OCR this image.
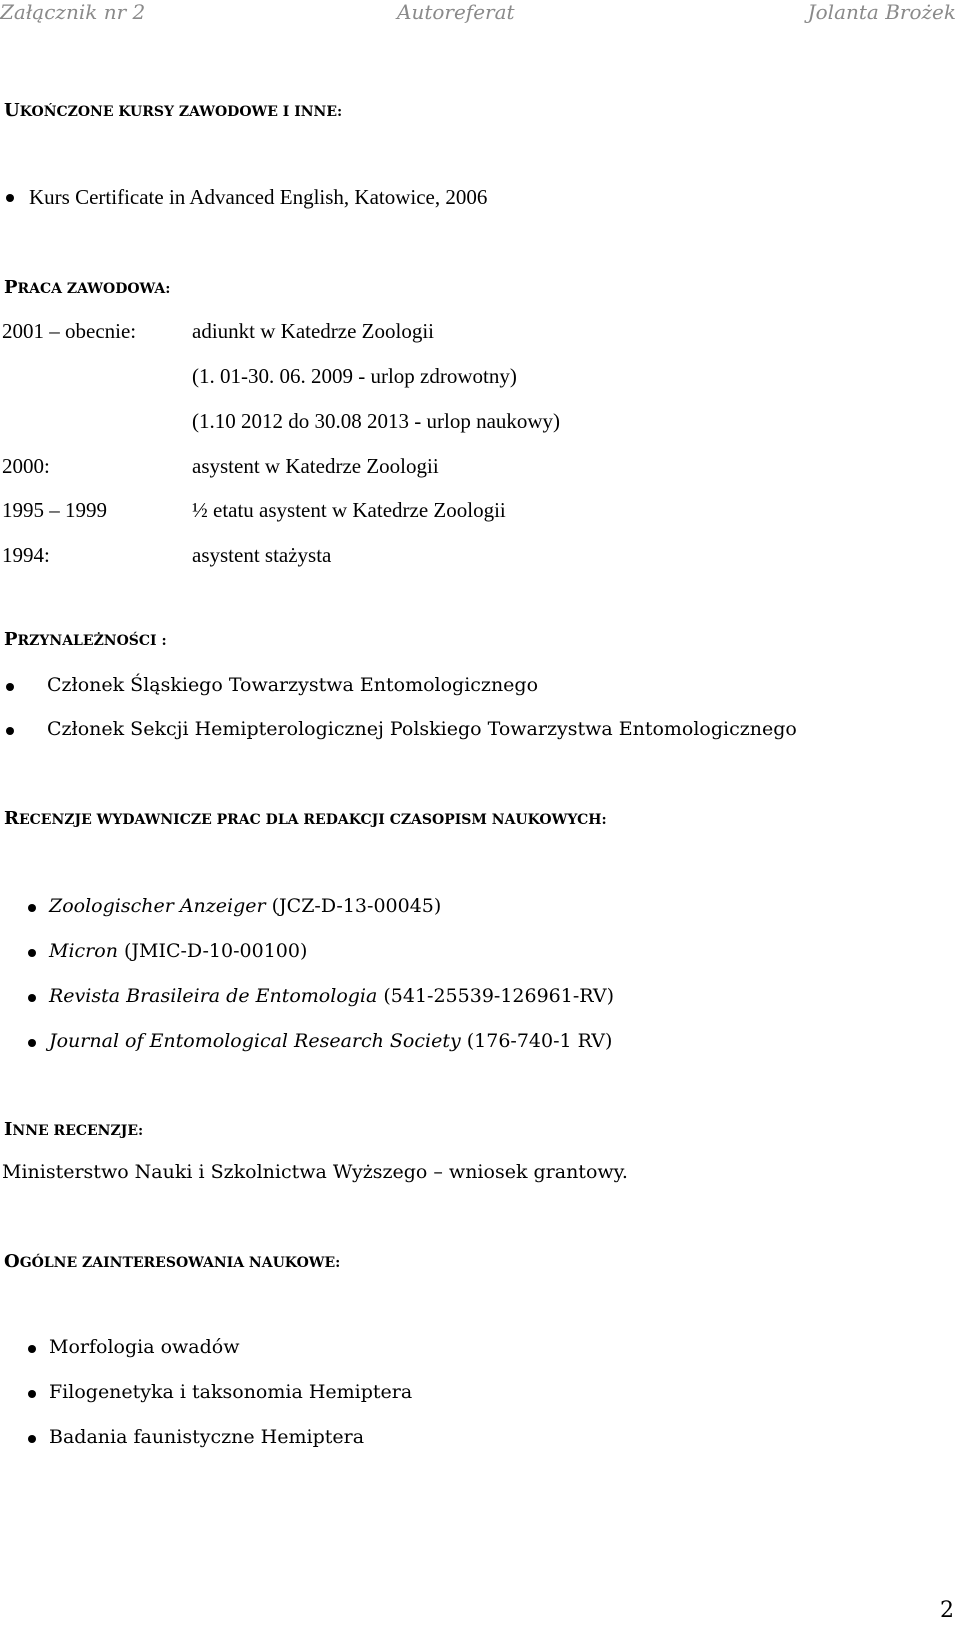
Załącznik nr 2	Autoreferat	Jolanta Brożek
UKOŃCZONE KURSY ZAWODOWE I INNE:
Kurs Certificate in Advanced English, Katowice, 2006
PRACA ZAWODOWA:
2001 – obecnie:	adiunkt w Katedrze Zoologii
(1. 01-30. 06. 2009 - urlop zdrowotny)
(1.10 2012 do 30.08 2013 - urlop naukowy)
2000:	asystent w Katedrze Zoologii
1995 – 1999	½ etatu asystent w Katedrze Zoologii
1994:	asystent stażysta
PRZYNALEŻNOŚCI :
Członek Śląskiego Towarzystwa Entomologicznego
Członek Sekcji Hemipterologicznej Polskiego Towarzystwa Entomologicznego
RECENZJE WYDAWNICZE PRAC DLA REDAKCJI CZASOPISM NAUKOWYCH:
Zoologischer Anzeiger (JCZ-D-13-00045)
Micron (JMIC-D-10-00100)
Revista Brasileira de Entomologia (541-25539-126961-RV)
Journal of Entomological Research Society (176-740-1 RV)
INNE RECENZJE:
Ministerstwo Nauki i Szkolnictwa Wyższego – wniosek grantowy.
OGÓLNE ZAINTERESOWANIA NAUKOWE:
Morfologia owadów
Filogenetyka i taksonomia Hemiptera
Badania faunistyczne Hemiptera
2
